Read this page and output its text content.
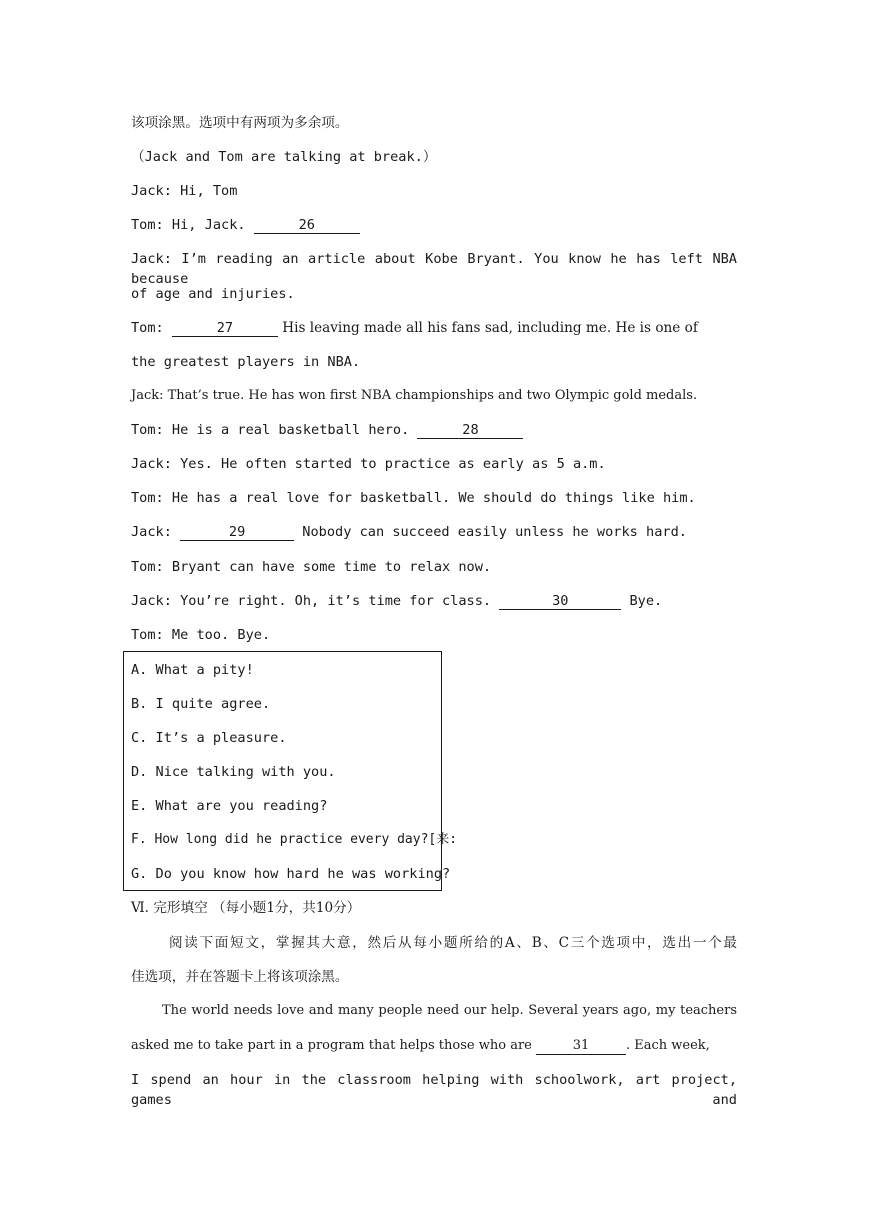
该项涂黑。选项中有两项为多余项。
（Jack and Tom are talking at break.）
Jack: Hi, Tom
Tom: Hi, Jack.	26
Jack: I’m reading an article about Kobe Bryant. You know he has left NBA because
of age and injuries.
Tom:	27	His leaving made all his fans sad, including me. He is one of
the greatest players in NBA.
Jack: That’s true. He has won first NBA championships and two Olympic gold medals.
Tom: He is a real basketball hero.	28
Jack: Yes. He often started to practice as early as 5 a.m.
Tom: He has a real love for basketball. We should do things like him.
Jack:	29	Nobody can succeed easily unless he works hard.
Tom: Bryant can have some time to relax now.
Jack: You’re right. Oh, it’s time for class.	30	Bye.
Tom: Me too. Bye.
A. What a pity!
B. I quite agree.
C. It’s a pleasure.
D. Nice talking with you.
E. What are you reading?
F. How long did he practice every day?[来:
G. Do you know how hard he was working?
Ⅵ. 完形填空 （每小题1分，共10分）
阅读下面短文，掌握其大意，然后从每小题所给的A、B、C三个选项中，选出一个最
佳选项，并在答题卡上将该项涂黑。
The world needs love and many people need our help. Several years ago, my teachers
asked me to take part in a program that helps those who are	31	. Each week,
I spend an hour in the classroom helping with schoolwork, art project, games and
